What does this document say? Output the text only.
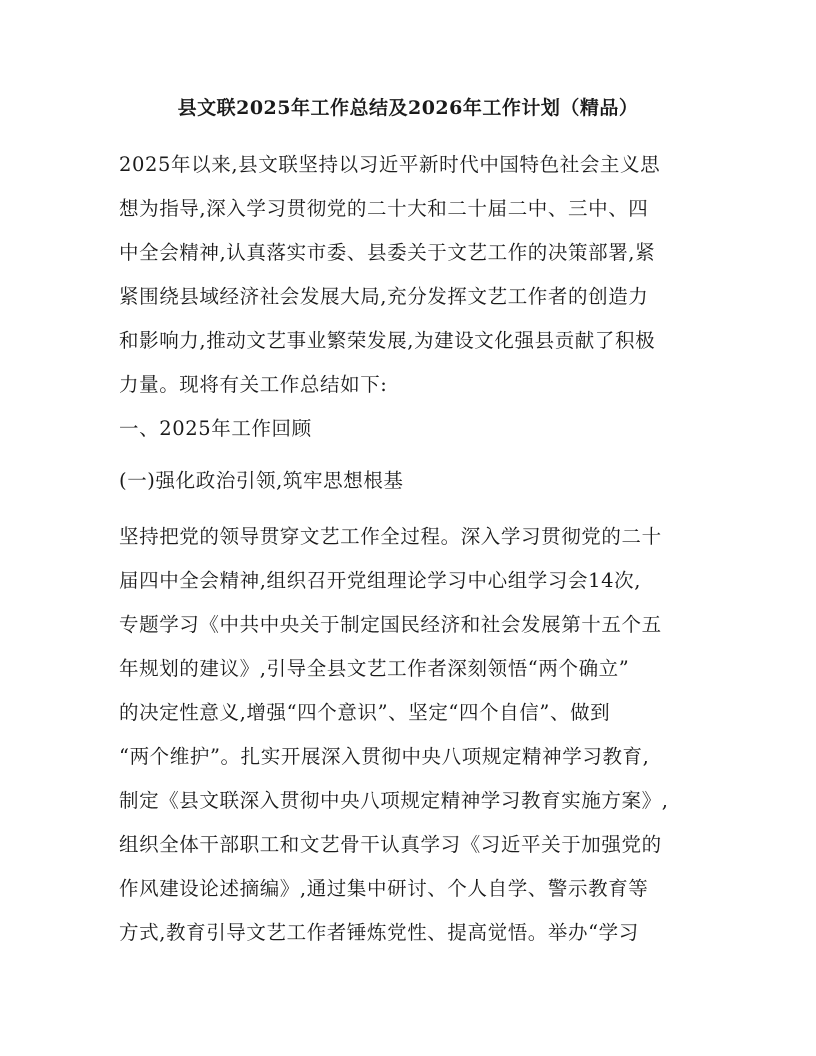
县文联2025年工作总结及2026年工作计划（精品）
2025年以来,县文联坚持以习近平新时代中国特色社会主义思
想为指导,深入学习贯彻党的二十大和二十届二中、三中、四
中全会精神,认真落实市委、县委关于文艺工作的决策部署,紧
紧围绕县域经济社会发展大局,充分发挥文艺工作者的创造力
和影响力,推动文艺事业繁荣发展,为建设文化强县贡献了积极
力量。现将有关工作总结如下:
一、2025年工作回顾
(一)强化政治引领,筑牢思想根基
坚持把党的领导贯穿文艺工作全过程。深入学习贯彻党的二十
届四中全会精神,组织召开党组理论学习中心组学习会14次,
专题学习《中共中央关于制定国民经济和社会发展第十五个五
年规划的建议》,引导全县文艺工作者深刻领悟“两个确立”
的决定性意义,增强“四个意识”、坚定“四个自信”、做到
“两个维护”。扎实开展深入贯彻中央八项规定精神学习教育,
制定《县文联深入贯彻中央八项规定精神学习教育实施方案》,
组织全体干部职工和文艺骨干认真学习《习近平关于加强党的
作风建设论述摘编》,通过集中研讨、个人自学、警示教育等
方式,教育引导文艺工作者锤炼党性、提高觉悟。举办“学习
